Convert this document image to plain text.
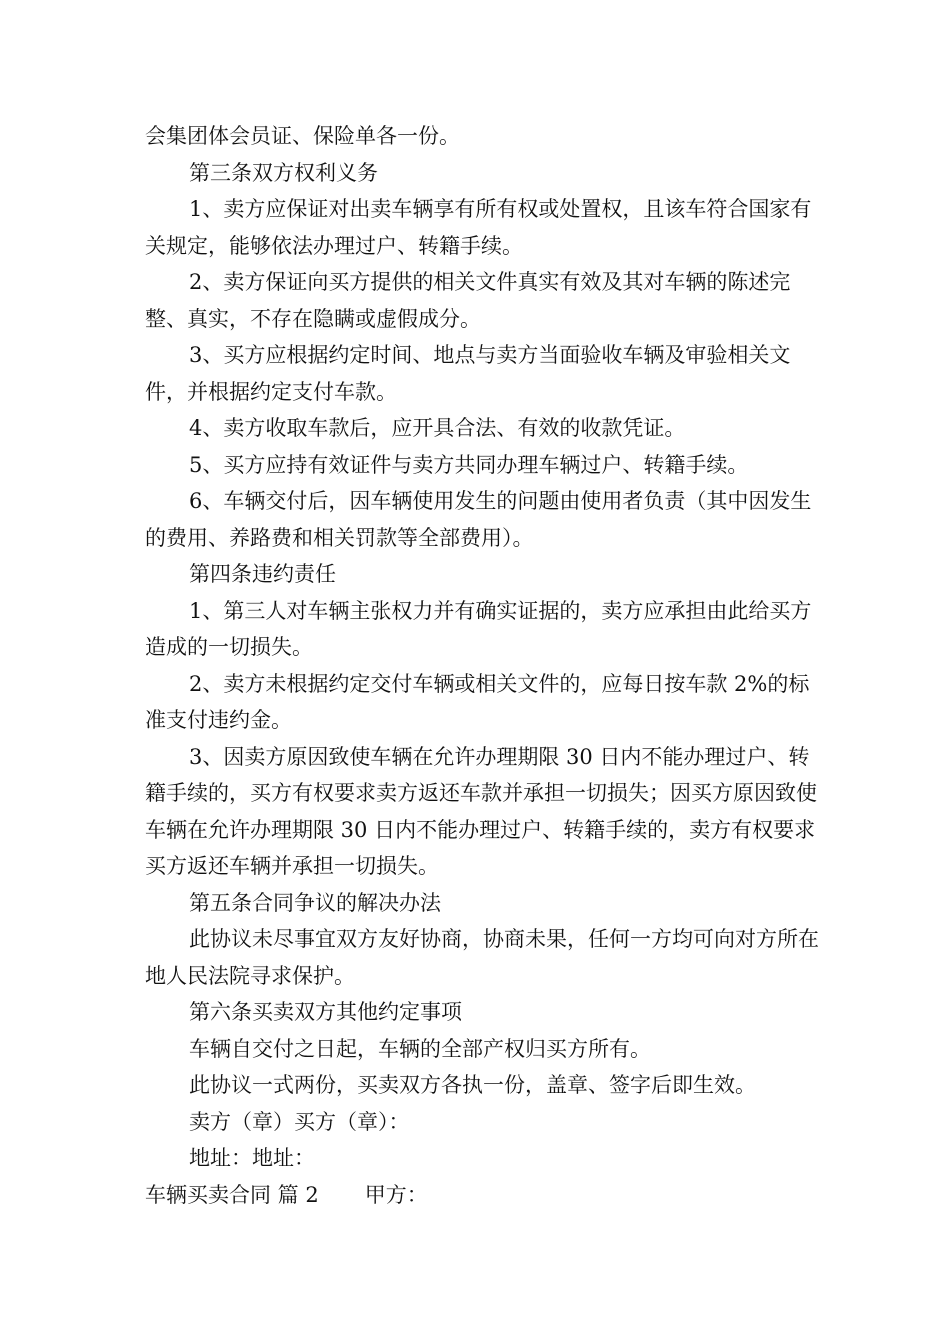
会集团体会员证、保险单各一份。

第三条双方权利义务

1、卖方应保证对出卖车辆享有所有权或处置权，且该车符合国家有关规定，能够依法办理过户、转籍手续。

2、卖方保证向买方提供的相关文件真实有效及其对车辆的陈述完整、真实，不存在隐瞒或虚假成分。

3、买方应根据约定时间、地点与卖方当面验收车辆及审验相关文件，并根据约定支付车款。

4、卖方收取车款后，应开具合法、有效的收款凭证。

5、买方应持有效证件与卖方共同办理车辆过户、转籍手续。

6、车辆交付后，因车辆使用发生的问题由使用者负责（其中因发生的费用、养路费和相关罚款等全部费用）。

第四条违约责任

1、第三人对车辆主张权力并有确实证据的，卖方应承担由此给买方造成的一切损失。

2、卖方未根据约定交付车辆或相关文件的，应每日按车款 2%的标准支付违约金。

3、因卖方原因致使车辆在允许办理期限 30 日内不能办理过户、转籍手续的，买方有权要求卖方返还车款并承担一切损失；因买方原因致使车辆在允许办理期限 30 日内不能办理过户、转籍手续的，卖方有权要求买方返还车辆并承担一切损失。

第五条合同争议的解决办法

此协议未尽事宜双方友好协商，协商未果，任何一方均可向对方所在地人民法院寻求保护。

第六条买卖双方其他约定事项

车辆自交付之日起，车辆的全部产权归买方所有。

此协议一式两份，买卖双方各执一份，盖章、签字后即生效。

卖方（章）买方（章）：

地址：地址：

车辆买卖合同 篇 2 甲方：
